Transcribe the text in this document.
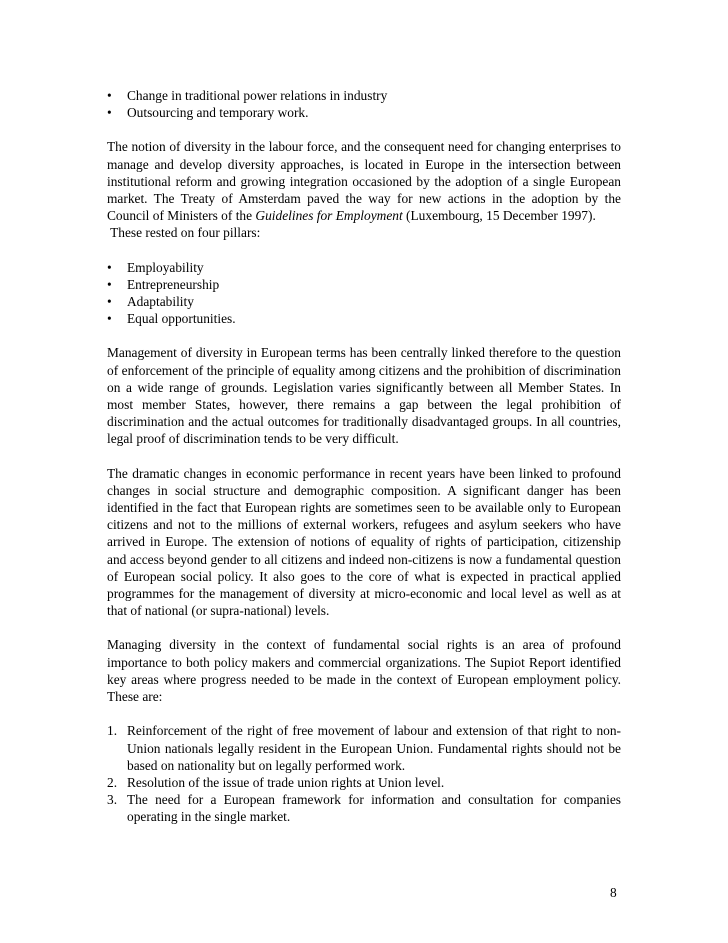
• Change in traditional power relations in industry
• Outsourcing and temporary work.

The notion of diversity in the labour force, and the consequent need for changing enterprises to manage and develop diversity approaches, is located in Europe in the intersection between institutional reform and growing integration occasioned by the adoption of a single European market. The Treaty of Amsterdam paved the way for new actions in the adoption by the Council of Ministers of the Guidelines for Employment (Luxembourg, 15 December 1997).

These rested on four pillars:

• Employability
• Entrepreneurship
• Adaptability
• Equal opportunities.

Management of diversity in European terms has been centrally linked therefore to the question of enforcement of the principle of equality among citizens and the prohibition of discrimination on a wide range of grounds. Legislation varies significantly between all Member States. In most member States, however, there remains a gap between the legal prohibition of discrimination and the actual outcomes for traditionally disadvantaged groups. In all countries, legal proof of discrimination tends to be very difficult.

The dramatic changes in economic performance in recent years have been linked to profound changes in social structure and demographic composition. A significant danger has been identified in the fact that European rights are sometimes seen to be available only to European citizens and not to the millions of external workers, refugees and asylum seekers who have arrived in Europe. The extension of notions of equality of rights of participation, citizenship and access beyond gender to all citizens and indeed non-citizens is now a fundamental question of European social policy. It also goes to the core of what is expected in practical applied programmes for the management of diversity at micro-economic and local level as well as at that of national (or supra-national) levels.

Managing diversity in the context of fundamental social rights is an area of profound importance to both policy makers and commercial organizations. The Supiot Report identified key areas where progress needed to be made in the context of European employment policy. These are:

1. Reinforcement of the right of free movement of labour and extension of that right to non-Union nationals legally resident in the European Union. Fundamental rights should not be based on nationality but on legally performed work.
2. Resolution of the issue of trade union rights at Union level.
3. The need for a European framework for information and consultation for companies operating in the single market.
8
